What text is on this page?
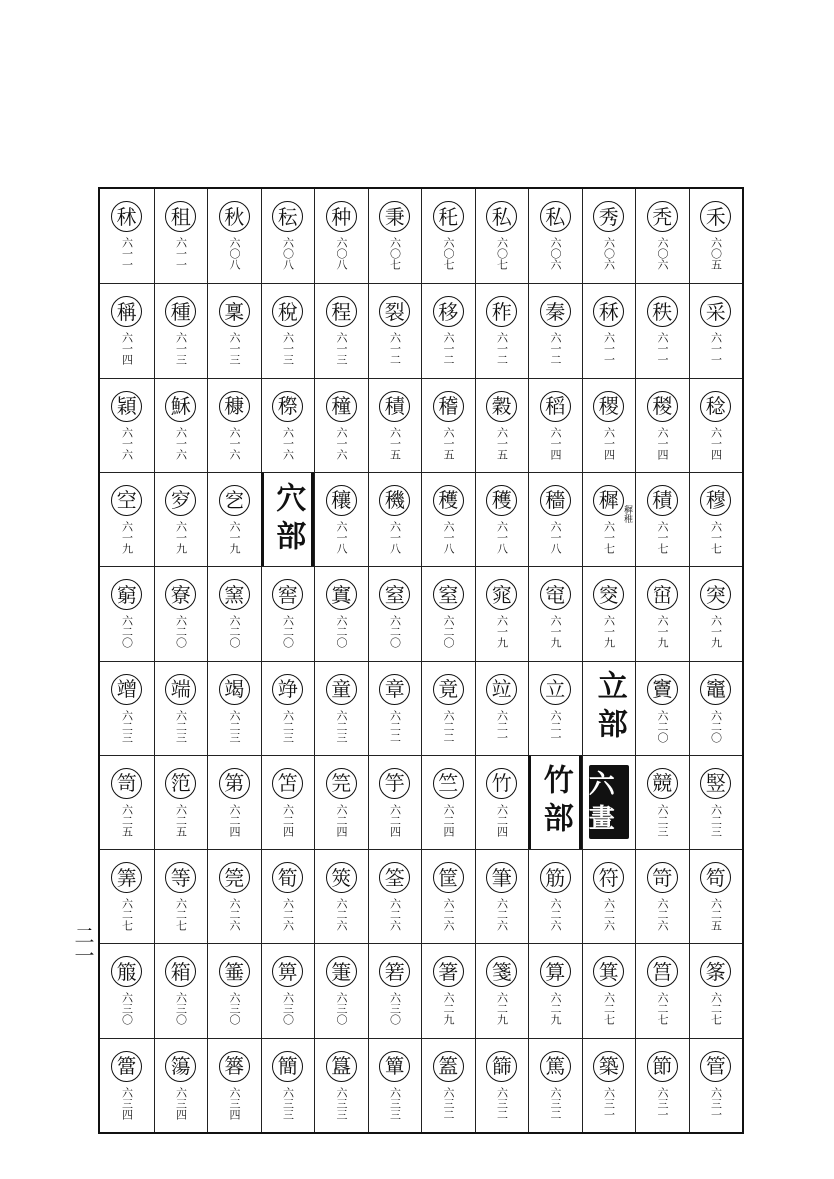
秫
六一一
租
六一一
秋
六〇八
秐
六〇八
种
六〇八
秉
六〇七
秅
六〇七
私
六〇七
私
六〇六
秀
六〇六
秃
六〇六
禾
六〇五
稱
六一四
種
六一三
稟
六一三
稅
六一三
程
六一三
裂
六一二
移
六一二
秨
六一二
秦
六一二
秝
六一一
秩
六一一
采
六一一
穎
六一六
穌
六一六
穅
六一六
穄
六一六
穜
六一六
積
六一五
稽
六一五
穀
六一五
稻
六一四
稷
六一四
稯
六一四
稔
六一四
空
六一九
穸
六一九
穵
六一九 穴部 穰
六一八
穖
六一八
穫
六一八
穫
六一八
穡
六一八
穉
六一七
穉稚
積
六一七
穆
六一七
窮
六二〇
寮
六二〇
窯
六二〇
窖
六二〇
窴
六二〇
窒
六二〇
窒
六二〇
窕
六一九
窀
六一九
窔
六一九
窋
六一九
突
六一九
竲
六二三
端
六二三
竭
六二三
竫
六二三
童
六二三
章
六二二
竟
六二二
竝
六二一
立
六二一 立部 竇
六二〇
竈
六二〇
笥
六二五
笵
六二五
第
六二四
笘
六二四
笎
六二四
竽
六二四
竺
六二四
竹
六二四 竹部 六畫
競
六二三
竪
六二三
筭
六二七
等
六二七
筦
六二六
筍
六二六
筴
六二六
筌
六二六
筐
六二六
筆
六二六
筋
六二六
符
六二六
笴
六二六
笱
六二五
箙
六三〇
箱
六三〇
箠
六三〇
箅
六三〇
箑
六三〇
箬
六三〇
箸
六二九
箋
六二九
算
六二九
箕
六二七
筥
六二七
筿
六二七
簹
六三四
簜
六三四
簭
六三四
簡
六三三
簋
六三三
簞
六三三
篕
六三二
篩
六三二
篤
六三二
築
六三一
節
六三一
管
六三一
二一
